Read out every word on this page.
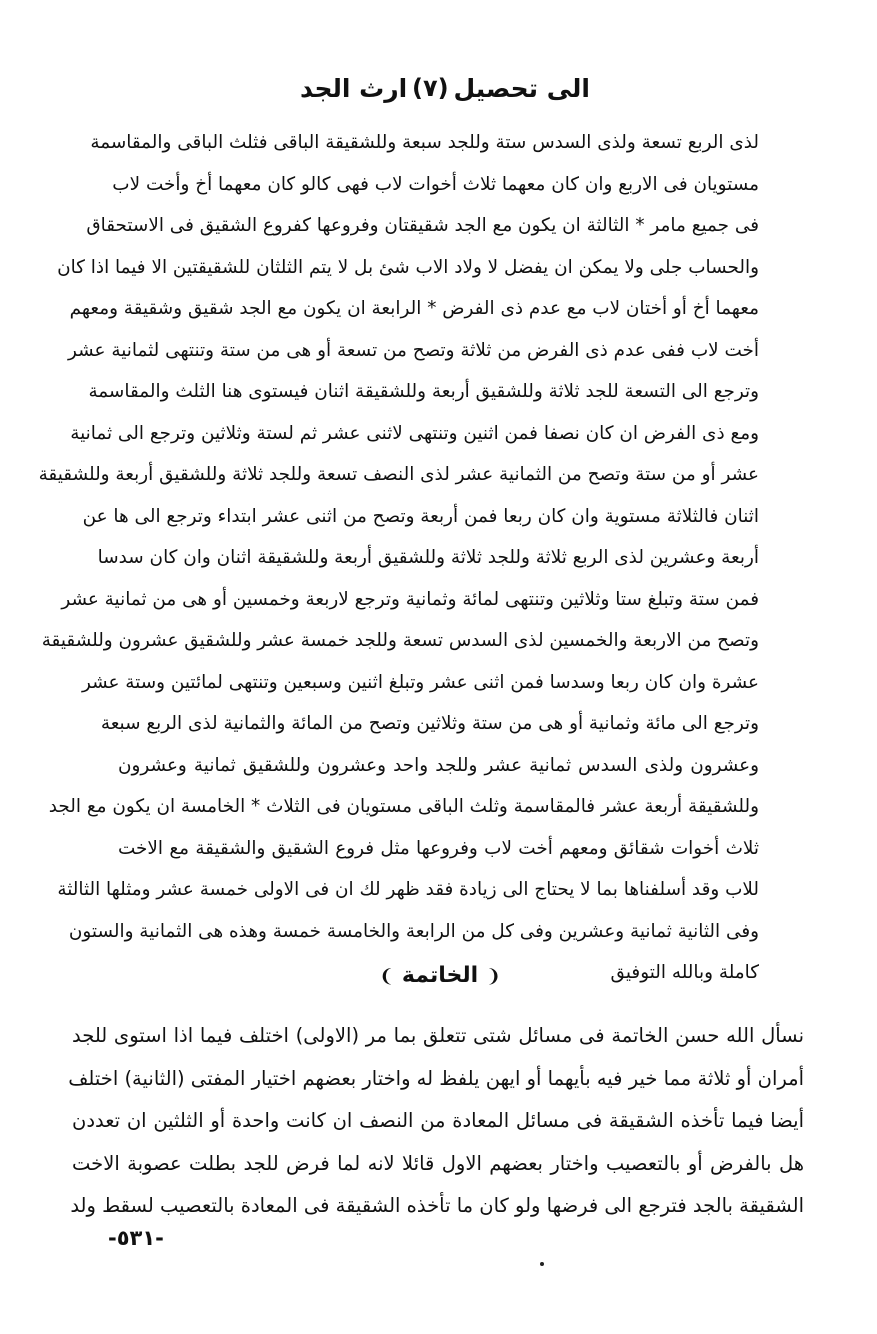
الى تحصيل
(٧)
ارث الجد
لذى الربع تسعة ولذى السدس ستة وللجد سبعة وللشقيقة الباقى فثلث الباقى والمقاسمة
مستويان فى الاربع وان كان معهما ثلاث أخوات لاب فهى كالو كان معهما أخ وأخت لاب
فى جميع مامر * الثالثة ان يكون مع الجد شقيقتان وفروعها كفروع الشقيق فى الاستحقاق
والحساب جلى ولا يمكن ان يفضل لا ولاد الاب شئ بل لا يتم الثلثان للشقيقتين الا فيما اذا كان
معهما أخ أو أختان لاب مع عدم ذى الفرض * الرابعة ان يكون مع الجد شقيق وشقيقة ومعهم
أخت لاب ففى عدم ذى الفرض من ثلاثة وتصح من تسعة أو هى من ستة وتنتهى لثمانية عشر
وترجع الى التسعة للجد ثلاثة وللشقيق أربعة وللشقيقة اثنان فيستوى هنا الثلث والمقاسمة
ومع ذى الفرض ان كان نصفا فمن اثنين وتنتهى لاثنى عشر ثم لستة وثلاثين وترجع الى ثمانية
عشر أو من ستة وتصح من الثمانية عشر لذى النصف تسعة وللجد ثلاثة وللشقيق أربعة وللشقيقة
اثنان فالثلاثة مستوية وان كان ربعا فمن أربعة وتصح من اثنى عشر ابتداء وترجع الى ها عن
أربعة وعشرين لذى الربع ثلاثة وللجد ثلاثة وللشقيق أربعة وللشقيقة اثنان وان كان سدسا
فمن ستة وتبلغ ستا وثلاثين وتنتهى لمائة وثمانية وترجع لاربعة وخمسين أو هى من ثمانية عشر
وتصح من الاربعة والخمسين لذى السدس تسعة وللجد خمسة عشر وللشقيق عشرون وللشقيقة
عشرة وان كان ربعا وسدسا فمن اثنى عشر وتبلغ اثنين وسبعين وتنتهى لمائتين وستة عشر
وترجع الى مائة وثمانية أو هى من ستة وثلاثين وتصح من المائة والثمانية لذى الربع سبعة
وعشرون ولذى السدس ثمانية عشر وللجد واحد وعشرون وللشقيق ثمانية وعشرون
وللشقيقة أربعة عشر فالمقاسمة وثلث الباقى مستويان فى الثلاث * الخامسة ان يكون مع الجد
ثلاث أخوات شقائق ومعهم أخت لاب وفروعها مثل فروع الشقيق والشقيقة مع الاخت
للاب وقد أسلفناها بما لا يحتاج الى زيادة فقد ظهر لك ان فى الاولى خمسة عشر ومثلها الثالثة
وفى الثانية ثمانية وعشرين وفى كل من الرابعة والخامسة خمسة وهذه هى الثمانية والستون
كاملة وبالله التوفيق
❨ الخاتمة ❩
نسأل الله حسن الخاتمة فى مسائل شتى تتعلق بما مر (الاولى) اختلف فيما اذا استوى للجد
أمران أو ثلاثة مما خير فيه بأيهما أو ايهن يلفظ له واختار بعضهم اختيار المفتى (الثانية) اختلف
أيضا فيما تأخذه الشقيقة فى مسائل المعادة من النصف ان كانت واحدة أو الثلثين ان تعددن
هل بالفرض أو بالتعصيب واختار بعضهم الاول قائلا لانه لما فرض للجد بطلت عصوبة الاخت
الشقيقة بالجد فترجع الى فرضها ولو كان ما تأخذه الشقيقة فى المعادة بالتعصيب لسقط ولد
-٥٣١-
